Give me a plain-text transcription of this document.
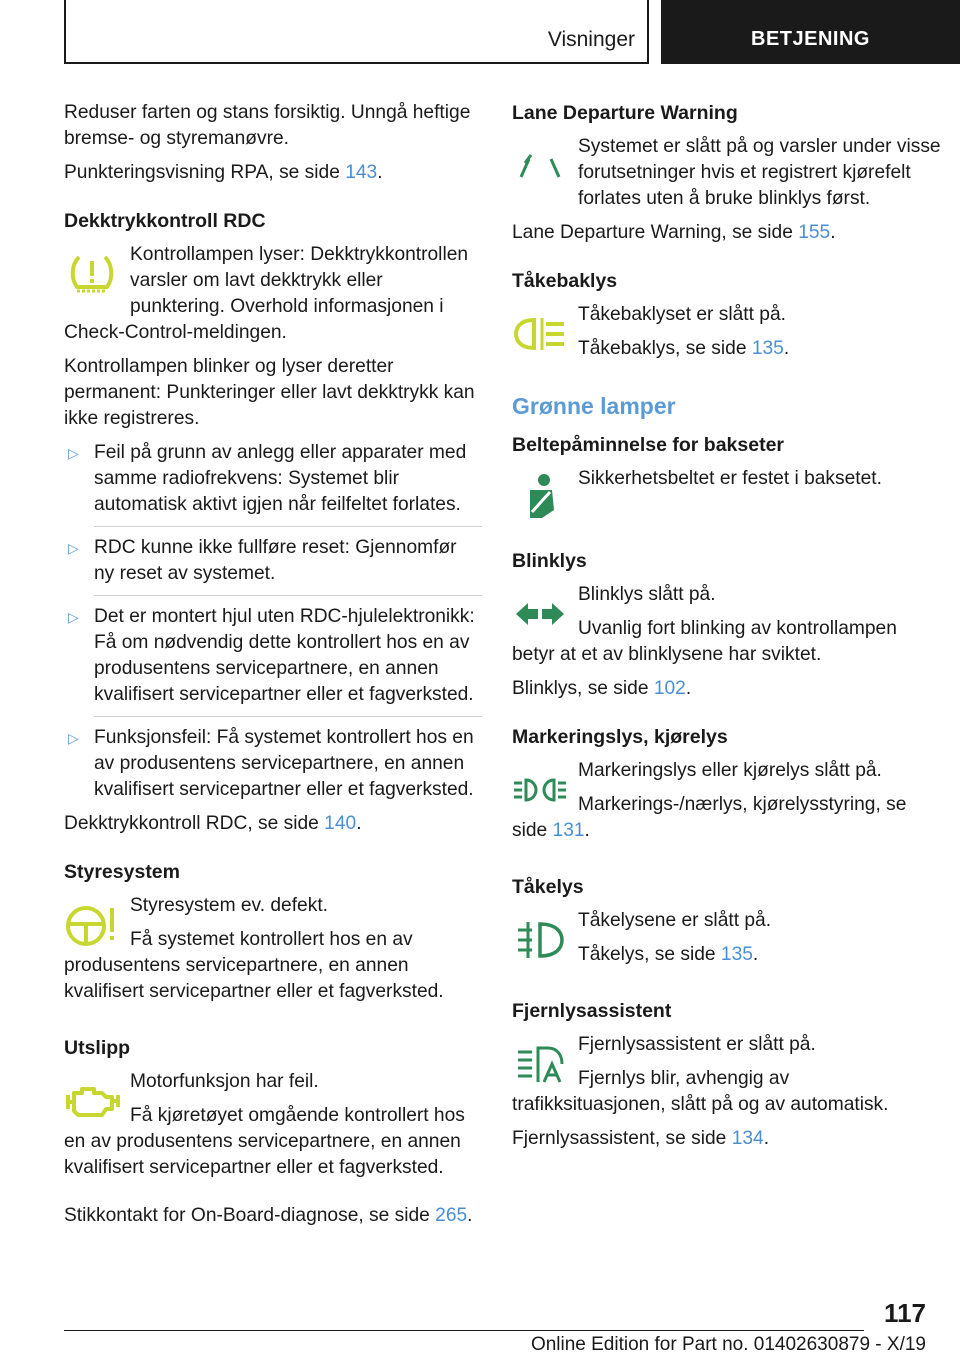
Visninger	BETJENING

Reduser farten og stans forsiktig. Unngå heftige bremse- og styremanøvre.

Punkteringsvisning RPA, se side 143.

Dekktrykkontroll RDC

Kontrollampen lyser: Dekktrykkontrollen varsler om lavt dekktrykk eller punktering. Overhold informasjonen i Check-Control-meldingen.

Kontrollampen blinker og lyser deretter permanent: Punkteringer eller lavt dekktrykk kan ikke registreres.

▷ Feil på grunn av anlegg eller apparater med samme radiofrekvens: Systemet blir automatisk aktivt igjen når feilfeltet forlates.
▷ RDC kunne ikke fullføre reset: Gjennomfør ny reset av systemet.
▷ Det er montert hjul uten RDC-hjulelektronikk: Få om nødvendig dette kontrollert hos en av produsentens servicepartnere, en annen kvalifisert servicepartner eller et fagverksted.
▷ Funksjonsfeil: Få systemet kontrollert hos en av produsentens servicepartnere, en annen kvalifisert servicepartner eller et fagverksted.

Dekktrykkontroll RDC, se side 140.

Styresystem

Styresystem ev. defekt.

Få systemet kontrollert hos en av produsentens servicepartnere, en annen kvalifisert servicepartner eller et fagverksted.

Utslipp

Motorfunksjon har feil.

Få kjøretøyet omgående kontrollert hos en av produsentens servicepartnere, en annen kvalifisert servicepartner eller et fagverksted.

Stikkontakt for On-Board-diagnose, se side 265.

Lane Departure Warning

Systemet er slått på og varsler under visse forutsetninger hvis et registrert kjørefelt forlates uten å bruke blinklys først.

Lane Departure Warning, se side 155.

Tåkebaklys

Tåkebaklyset er slått på.

Tåkebaklys, se side 135.

Grønne lamper
Beltepåminnelse for bakseter

Sikkerhetsbeltet er festet i baksetet.

Blinklys

Blinklys slått på.

Uvanlig fort blinking av kontrollampen betyr at et av blinklysene har sviktet.

Blinklys, se side 102.

Markeringslys, kjørelys

Markeringslys eller kjørelys slått på.

Markerings-/nærlys, kjørelysstyring, se side 131.

Tåkelys

Tåkelysene er slått på.

Tåkelys, se side 135.

Fjernlysassistent

Fjernlysassistent er slått på.

Fjernlys blir, avhengig av trafikksituasjonen, slått på og av automatisk.

Fjernlysassistent, se side 134.

117
Online Edition for Part no. 01402630879 - X/19
